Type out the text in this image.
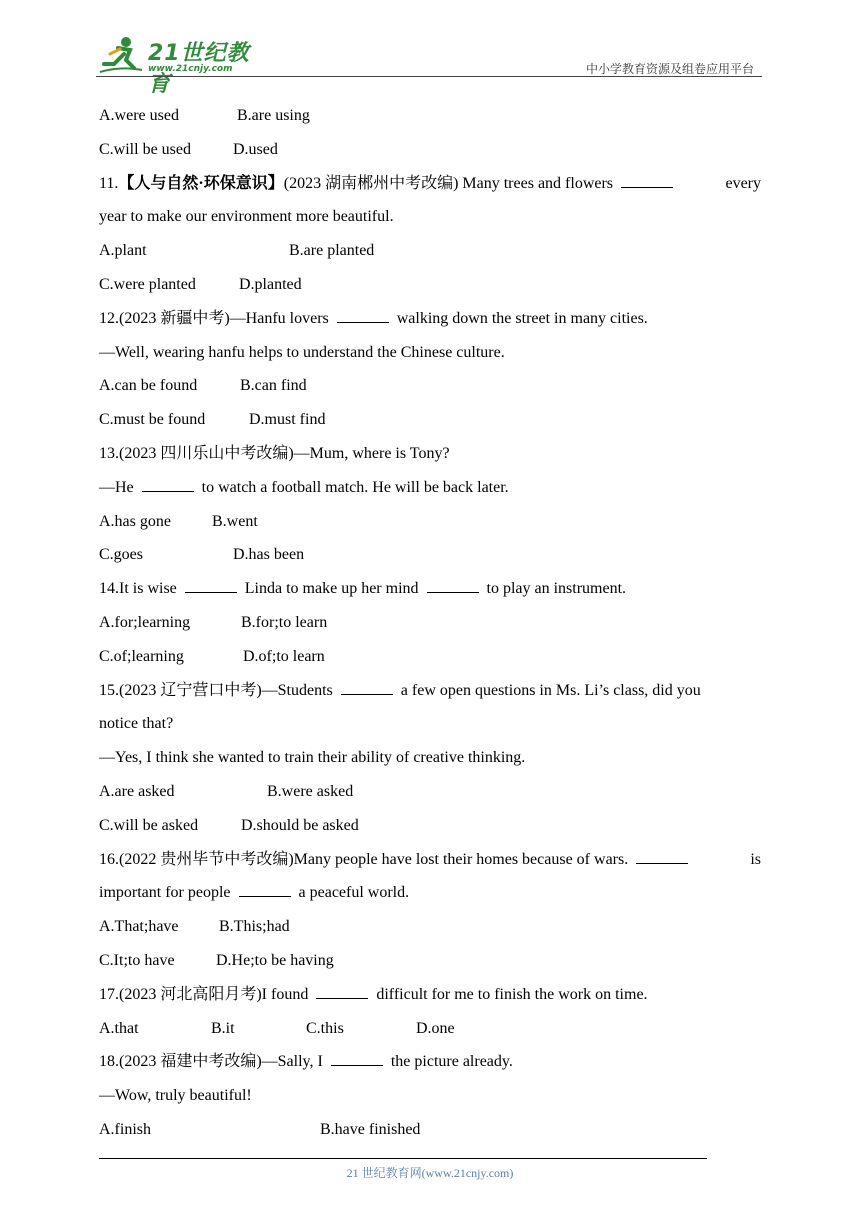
21世纪教育
www.21cnjy.com	中小学教育资源及组卷应用平台
A.were used	B.are using
C.will be used	D.used
11.【人与自然·环保意识】(2023 湖南郴州中考改编) Many trees and flowers	every
year to make our environment more beautiful.
A.plant	B.are planted
C.were planted	D.planted
12.(2023 新疆中考)—Hanfu lovers	walking down the street in many cities.
—Well, wearing hanfu helps to understand the Chinese culture.
A.can be found	B.can find
C.must be found	D.must find
13.(2023 四川乐山中考改编)—Mum, where is Tony?
—He	to watch a football match. He will be back later.
A.has gone	B.went
C.goes	D.has been
14.It is wise	Linda to make up her mind	to play an instrument.
A.for;learning	B.for;to learn
C.of;learning	D.of;to learn
15.(2023 辽宁营口中考)—Students	a few open questions in Ms. Li’s class, did you
notice that?
—Yes, I think she wanted to train their ability of creative thinking.
A.are asked	B.were asked
C.will be asked	D.should be asked
16.(2022 贵州毕节中考改编)Many people have lost their homes because of wars.	is
important for people	a peaceful world.
A.That;have	B.This;had
C.It;to have	D.He;to be having
17.(2023 河北高阳月考)I found	difficult for me to finish the work on time.
A.that	B.it	C.this	D.one
18.(2023 福建中考改编)—Sally, I	the picture already.
—Wow, truly beautiful!
A.finish	B.have finished
21 世纪教育网(www.21cnjy.com)
